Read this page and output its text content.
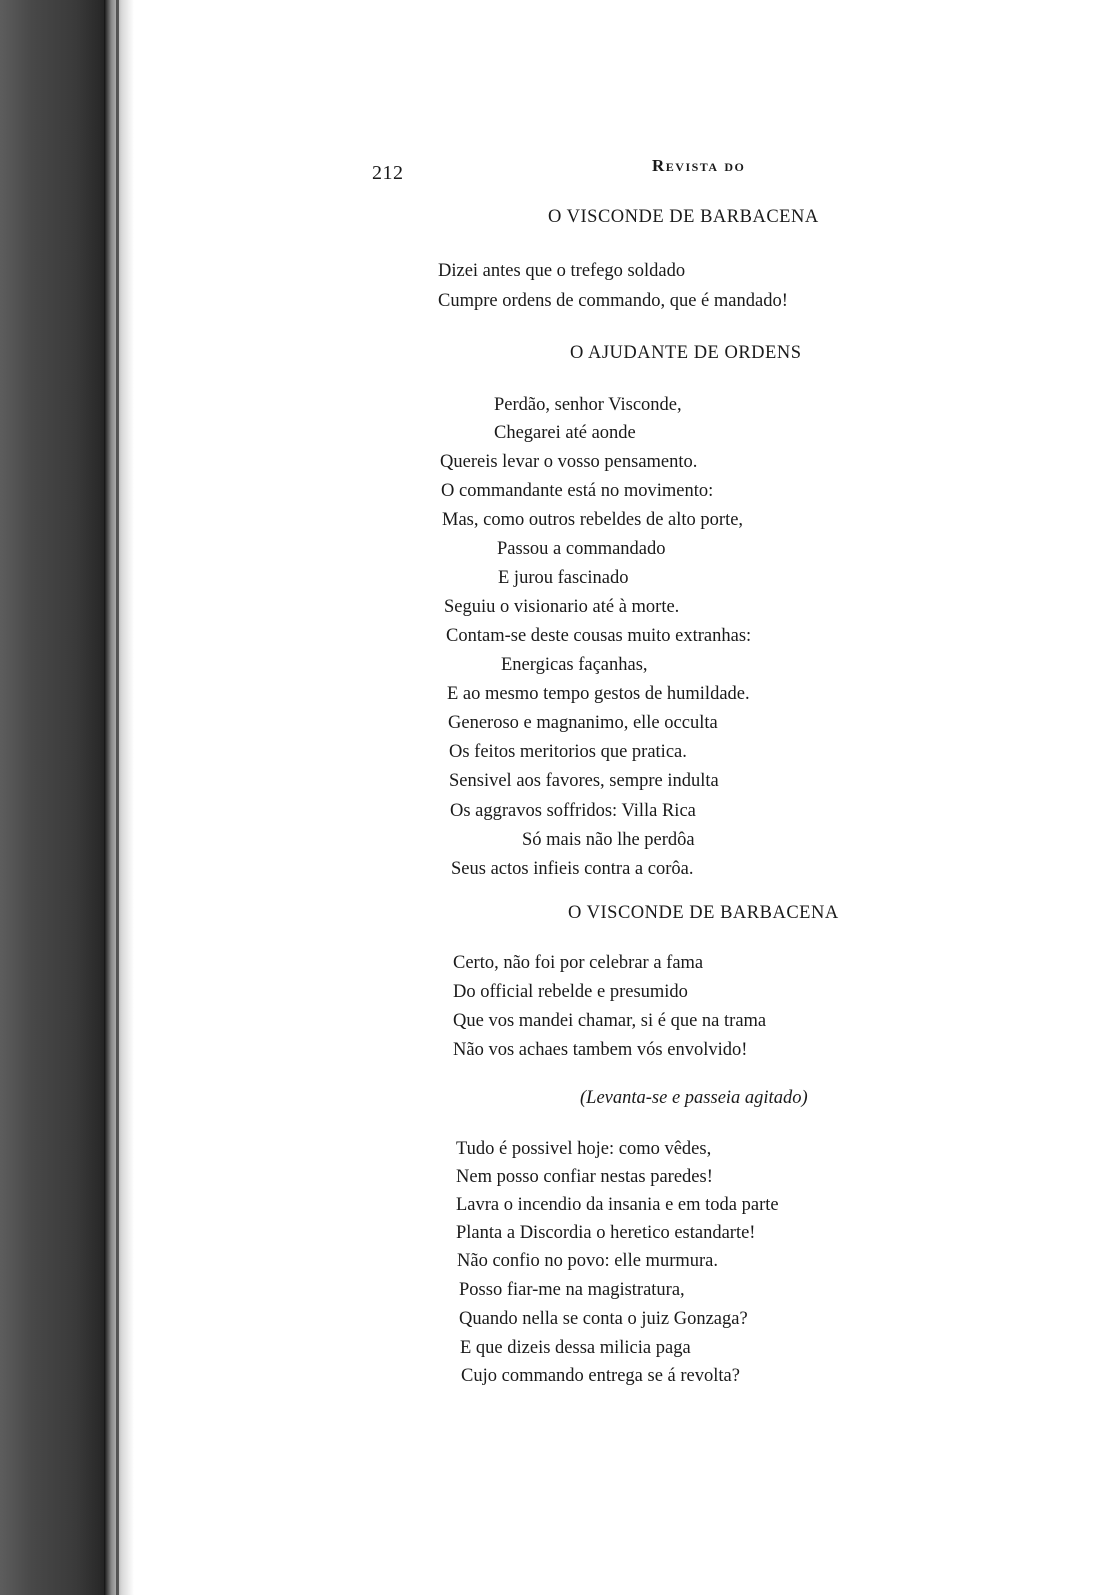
212	Revista do
O VISCONDE DE BARBACENA
Dizei antes que o trefego soldado
Cumpre ordens de commando, que é mandado!
O AJUDANTE DE ORDENS
Perdão, senhor Visconde,
Chegarei até aonde
Quereis levar o vosso pensamento.
O commandante está no movimento:
Mas, como outros rebeldes de alto porte,
Passou a commandado
E jurou fascinado
Seguiu o visionario até à morte.
Contam-se deste cousas muito extranhas:
Energicas façanhas,
E ao mesmo tempo gestos de humildade.
Generoso e magnanimo, elle occulta
Os feitos meritorios que pratica.
Sensivel aos favores, sempre indulta
Os aggravos soffridos: Villa Rica
Só mais não lhe perdôa
Seus actos infieis contra a corôa.
O VISCONDE DE BARBACENA
Certo, não foi por celebrar a fama
Do official rebelde e presumido
Que vos mandei chamar, si é que na trama
Não vos achaes tambem vós envolvido!
(Levanta-se e passeia agitado)
Tudo é possivel hoje: como vêdes,
Nem posso confiar nestas paredes!
Lavra o incendio da insania e em toda parte
Planta a Discordia o heretico estandarte!
Não confio no povo: elle murmura.
Posso fiar-me na magistratura,
Quando nella se conta o juiz Gonzaga?
E que dizeis dessa milicia paga
Cujo commando entrega se á revolta?
